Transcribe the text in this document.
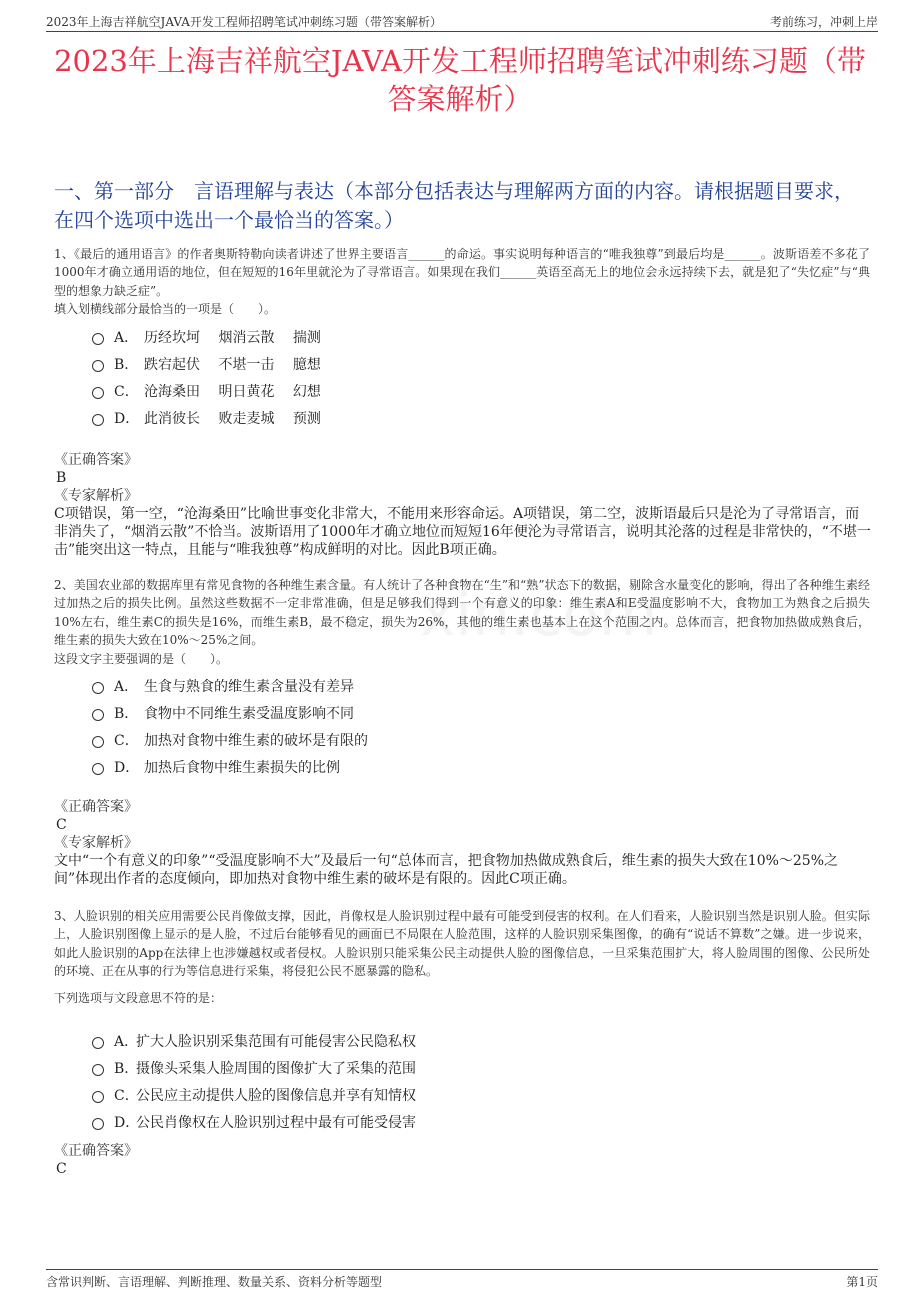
2023年上海吉祥航空JAVA开发工程师招聘笔试冲刺练习题（带答案解析）	考前练习，冲刺上岸
2023年上海吉祥航空JAVA开发工程师招聘笔试冲刺练习题（带答案解析）
一、第一部分　言语理解与表达（本部分包括表达与理解两方面的内容。请根据题目要求，在四个选项中选出一个最恰当的答案。）
1、《最后的通用语言》的作者奥斯特勒向读者讲述了世界主要语言______的命运。事实说明每种语言的“唯我独尊”到最后均是______。波斯语差不多花了1000年才确立通用语的地位，但在短短的16年里就沦为了寻常语言。如果现在我们______英语至高无上的地位会永远持续下去，就是犯了“失忆症”与“典型的想象力缺乏症”。
填入划横线部分最恰当的一项是（　　）。
A． 历经坎坷　 烟消云散　 揣测
B． 跌宕起伏　 不堪一击　 臆想
C． 沧海桑田　 明日黄花　 幻想
D． 此消彼长　 败走麦城　 预测
《正确答案》
B
《专家解析》
C项错误，第一空，“沧海桑田”比喻世事变化非常大，不能用来形容命运。A项错误，第二空，波斯语最后只是沦为了寻常语言，而非消失了，“烟消云散”不恰当。波斯语用了1000年才确立地位而短短16年便沦为寻常语言，说明其沦落的过程是非常快的，“不堪一击”能突出这一特点，且能与“唯我独尊”构成鲜明的对比。因此B项正确。
2、美国农业部的数据库里有常见食物的各种维生素含量。有人统计了各种食物在“生”和“熟”状态下的数据，剔除含水量变化的影响，得出了各种维生素经过加热之后的损失比例。虽然这些数据不一定非常准确，但是足够我们得到一个有意义的印象：维生素A和E受温度影响不大，食物加工为熟食之后损失10%左右，维生素C的损失是16%，而维生素B，最不稳定，损失为26%，其他的维生素也基本上在这个范围之内。总体而言，把食物加热做成熟食后，维生素的损失大致在10%～25%之间。
这段文字主要强调的是（　　）。
A． 生食与熟食的维生素含量没有差异
B． 食物中不同维生素受温度影响不同
C． 加热对食物中维生素的破坏是有限的
D． 加热后食物中维生素损失的比例
《正确答案》
C
《专家解析》
文中“一个有意义的印象”“受温度影响不大”及最后一句“总体而言，把食物加热做成熟食后，维生素的损失大致在10%～25%之间”体现出作者的态度倾向，即加热对食物中维生素的破坏是有限的。因此C项正确。
3、人脸识别的相关应用需要公民肖像做支撑，因此，肖像权是人脸识别过程中最有可能受到侵害的权利。在人们看来，人脸识别当然是识别人脸。但实际上，人脸识别图像上显示的是人脸，不过后台能够看见的画面已不局限在人脸范围，这样的人脸识别采集图像，的确有“说话不算数”之嫌。进一步说来，如此人脸识别的App在法律上也涉嫌越权或者侵权。人脸识别只能采集公民主动提供人脸的图像信息，一旦采集范围扩大，将人脸周围的图像、公民所处的环境、正在从事的行为等信息进行采集，将侵犯公民不愿暴露的隐私。
下列选项与文段意思不符的是：
A．
扩大人脸识别采集范围有可能侵害公民隐私权
B．
摄像头采集人脸周围的图像扩大了采集的范围
C．
公民应主动提供人脸的图像信息并享有知情权
D．
公民肖像权在人脸识别过程中最有可能受侵害
《正确答案》
C
含常识判断、言语理解、判断推理、数量关系、资料分析等题型	第1页
